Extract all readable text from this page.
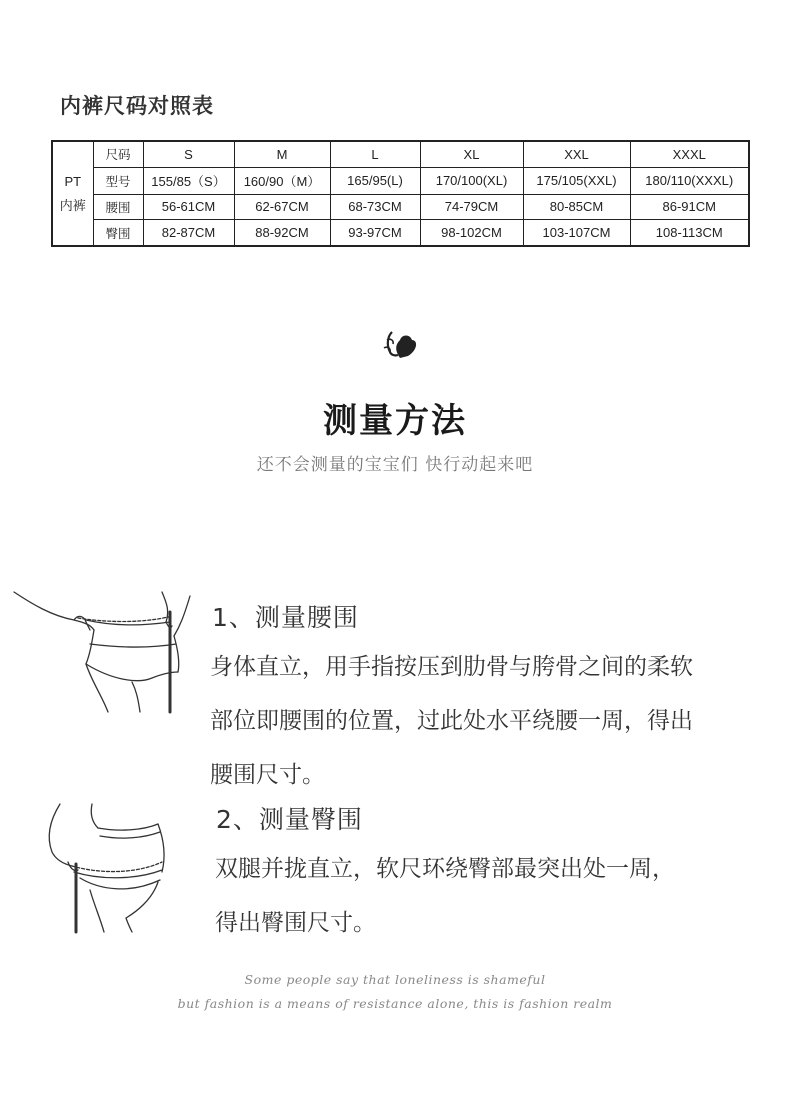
内裤尺码对照表
PT
内裤	尺码	S	M	L	XL	XXL	XXXL
	型号	155/85（S）	160/90（M）	165/95(L)	170/100(XL)	175/105(XXL)	180/110(XXXL)
	腰围	56-61CM	62-67CM	68-73CM	74-79CM	80-85CM	86-91CM
	臀围	82-87CM	88-92CM	93-97CM	98-102CM	103-107CM	108-113CM
测量方法
还不会测量的宝宝们 快行动起来吧
1、测量腰围
身体直立，用手指按压到肋骨与胯骨之间的柔软
部位即腰围的位置，过此处水平绕腰一周，得出
腰围尺寸。
2、测量臀围
双腿并拢直立，软尺环绕臀部最突出处一周，
得出臀围尺寸。
Some people say that loneliness is shameful
but fashion is a means of resistance alone, this is fashion realm
